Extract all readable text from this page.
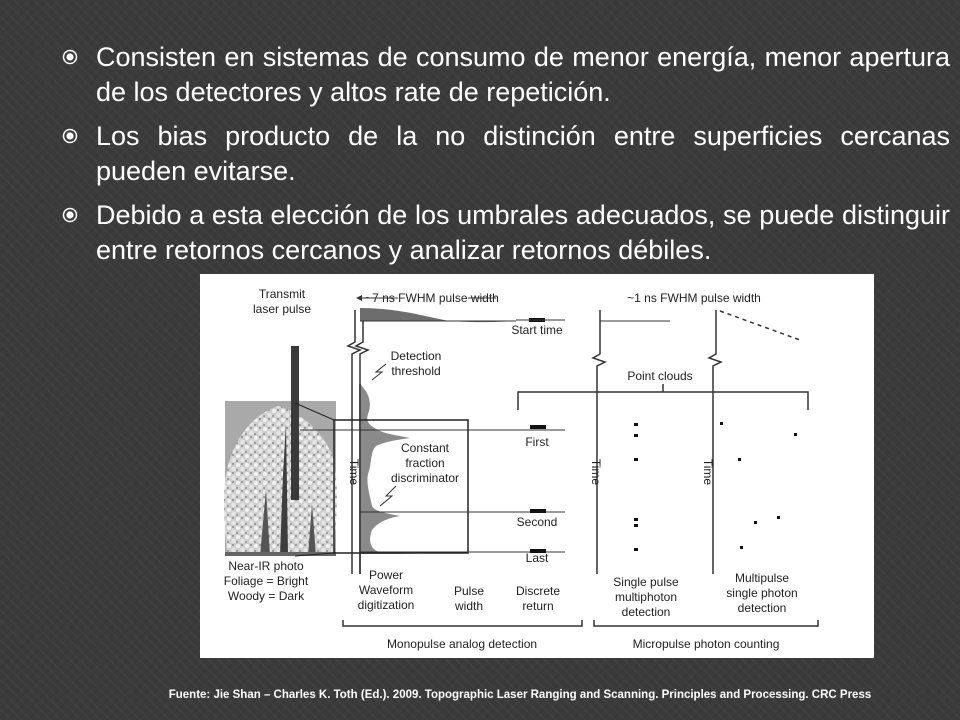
Consisten en sistemas de consumo de menor energía, menor apertura de los detectores y altos rate de repetición.
Los bias producto de la no distinción entre superficies cercanas pueden evitarse.
Debido a esta elección de los umbrales adecuados, se puede distinguir entre retornos cercanos y analizar retornos débiles.
Transmit
laser pulse
~7 ns FWHM pulse width	~1 ns FWHM pulse width
Start time
Detection
threshold
Time
Constant
fraction
discriminator
First
Second
Last
Time	Time
Point clouds
Power
Waveform
digitization
Pulse
width
Discrete
return
Near-IR photo
Foliage = Bright
Woody = Dark
Single pulse
multiphoton
detection
Multipulse
single photon
detection
Monopulse analog detection	Micropulse photon counting
Fuente: Jie Shan – Charles K. Toth (Ed.). 2009. Topographic Laser Ranging and Scanning. Principles and Processing. CRC Press
